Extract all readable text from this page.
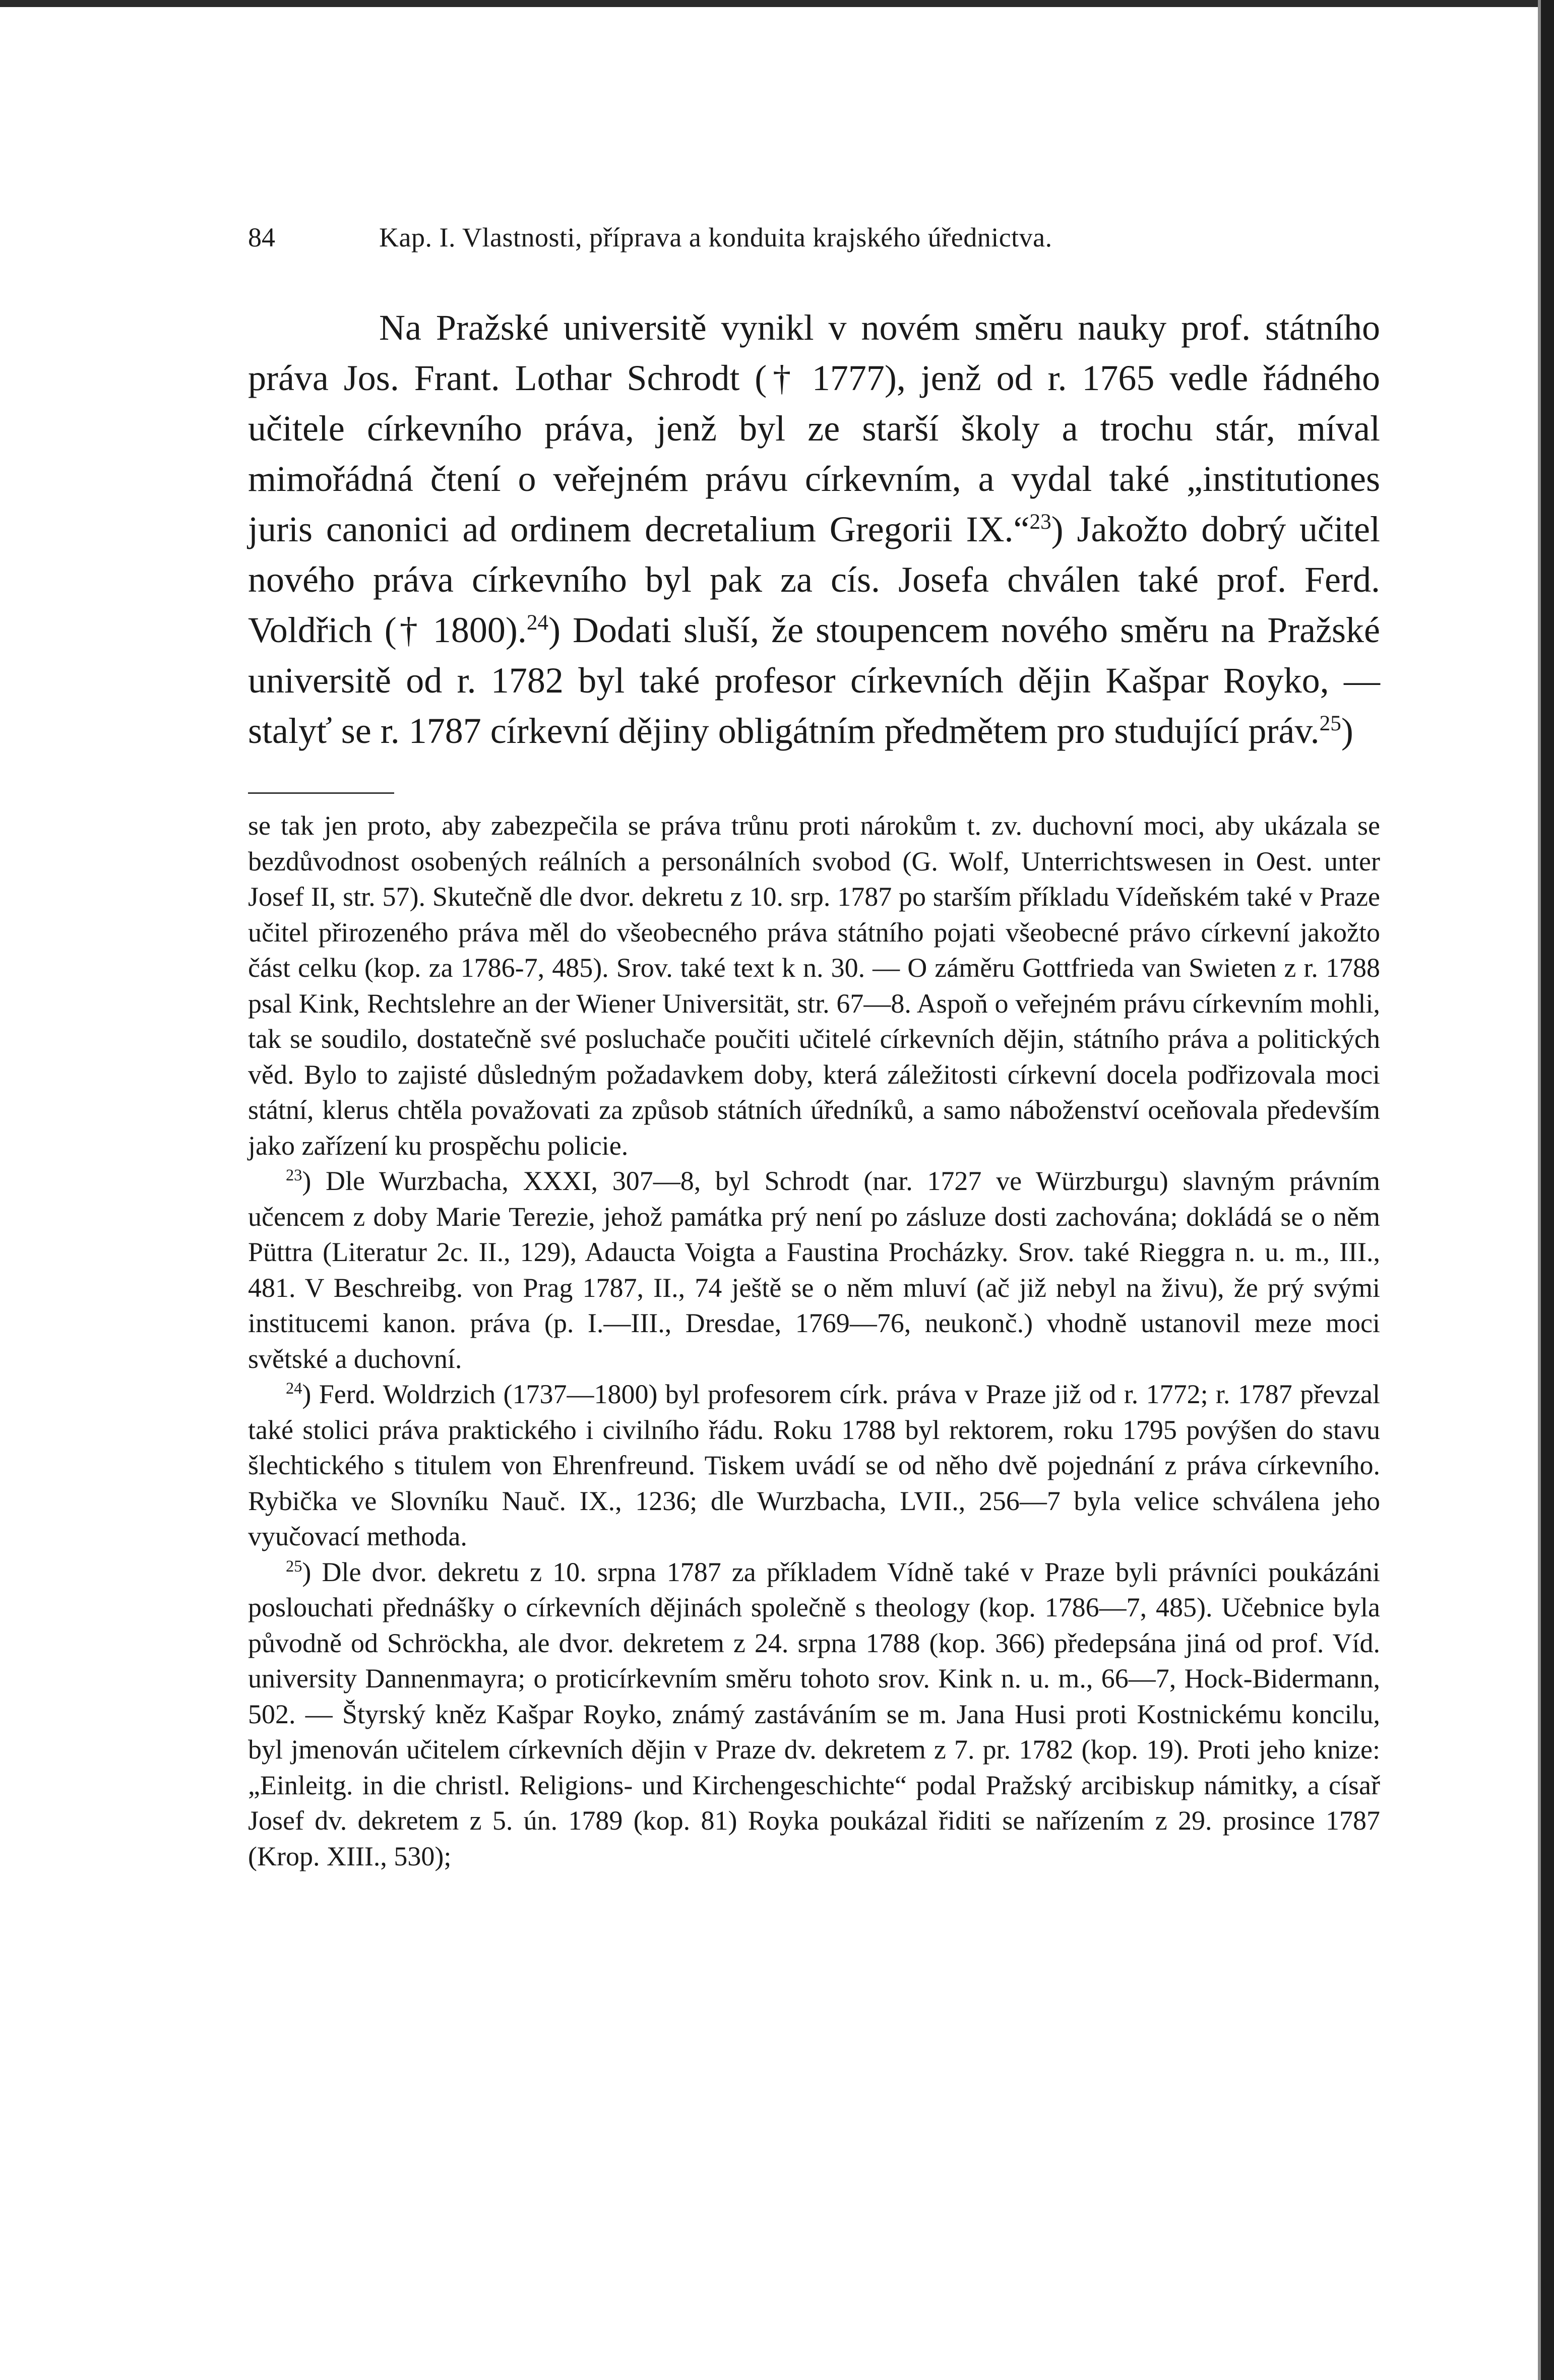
84	Kap. I. Vlastnosti, příprava a konduita krajského úřednictva.

Na Pražské universitě vynikl v novém směru nauky prof. státního práva Jos. Frant. Lothar Schrodt († 1777), jenž od r. 1765 vedle řádného učitele církevního práva, jenž byl ze starší školy a trochu stár, míval mimořádná čtení o veřejném právu církevním, a vydal také „institutiones juris canonici ad ordinem decretalium Gregorii IX.“$^{23}$) Jakožto dobrý učitel nového práva církevního byl pak za cís. Josefa chválen také prof. Ferd. Voldřich († 1800).$^{24}$) Dodati sluší, že stoupencem nového směru na Pražské universitě od r. 1782 byl také profesor církevních dějin Kašpar Royko, — stalyť se r. 1787 církevní dějiny obligátním předmětem pro studující práv.$^{25}$)

se tak jen proto, aby zabezpečila se práva trůnu proti nárokům t. zv. duchovní moci, aby ukázala se bezdůvodnost osobených reálních a personálních svobod (G. Wolf, Unterrichtswesen in Oest. unter Josef II, str. 57). Skutečně dle dvor. dekretu z 10. srp. 1787 po starším příkladu Vídeňském také v Praze učitel přirozeného práva měl do všeobecného práva státního pojati všeobecné právo církevní jakožto část celku (kop. za 1786-7, 485). Srov. také text k n. 30. — O záměru Gottfrieda van Swieten z r. 1788 psal Kink, Rechtslehre an der Wiener Universität, str. 67—8. Aspoň o veřejném právu církevním mohli, tak se soudilo, dostatečně své posluchače poučiti učitelé církevních dějin, státního práva a politických věd. Bylo to zajisté důsledným požadavkem doby, která záležitosti církevní docela podřizovala moci státní, klerus chtěla považovati za způsob státních úředníků, a samo náboženství oceňovala především jako zařízení ku prospěchu policie.

$^{23}$) Dle Wurzbacha, XXXI, 307—8, byl Schrodt (nar. 1727 ve Würzburgu) slavným právním učencem z doby Marie Terezie, jehož památka prý není po zásluze dosti zachována; dokládá se o něm Püttra (Literatur 2c. II., 129), Adaucta Voigta a Faustina Procházky. Srov. také Rieggra n. u. m., III., 481. V Beschreibg. von Prag 1787, II., 74 ještě se o něm mluví (ač již nebyl na živu), že prý svými institucemi kanon. práva (p. I.—III., Dresdae, 1769—76, neukonč.) vhodně ustanovil meze moci světské a duchovní.

$^{24}$) Ferd. Woldrzich (1737—1800) byl profesorem círk. práva v Praze již od r. 1772; r. 1787 převzal také stolici práva praktického i civilního řádu. Roku 1788 byl rektorem, roku 1795 povýšen do stavu šlechtického s titulem von Ehrenfreund. Tiskem uvádí se od něho dvě pojednání z práva církevního. Rybička ve Slovníku Nauč. IX., 1236; dle Wurzbacha, LVII., 256—7 byla velice schválena jeho vyučovací methoda.

$^{25}$) Dle dvor. dekretu z 10. srpna 1787 za příkladem Vídně také v Praze byli právníci poukázáni poslouchati přednášky o církevních dějinách společně s theology (kop. 1786—7, 485). Učebnice byla původně od Schröckha, ale dvor. dekretem z 24. srpna 1788 (kop. 366) předepsána jiná od prof. Víd. university Dannenmayra; o proticírkevním směru tohoto srov. Kink n. u. m., 66—7, Hock-Bidermann, 502. — Štyrský kněz Kašpar Royko, známý zastáváním se m. Jana Husi proti Kostnickému koncilu, byl jmenován učitelem církevních dějin v Praze dv. dekretem z 7. pr. 1782 (kop. 19). Proti jeho knize: „Einleitg. in die christl. Religions- und Kirchengeschichte“ podal Pražský arcibiskup námitky, a císař Josef dv. dekretem z 5. ún. 1789 (kop. 81) Royka poukázal řiditi se nařízením z 29. prosince 1787 (Krop. XIII., 530);
